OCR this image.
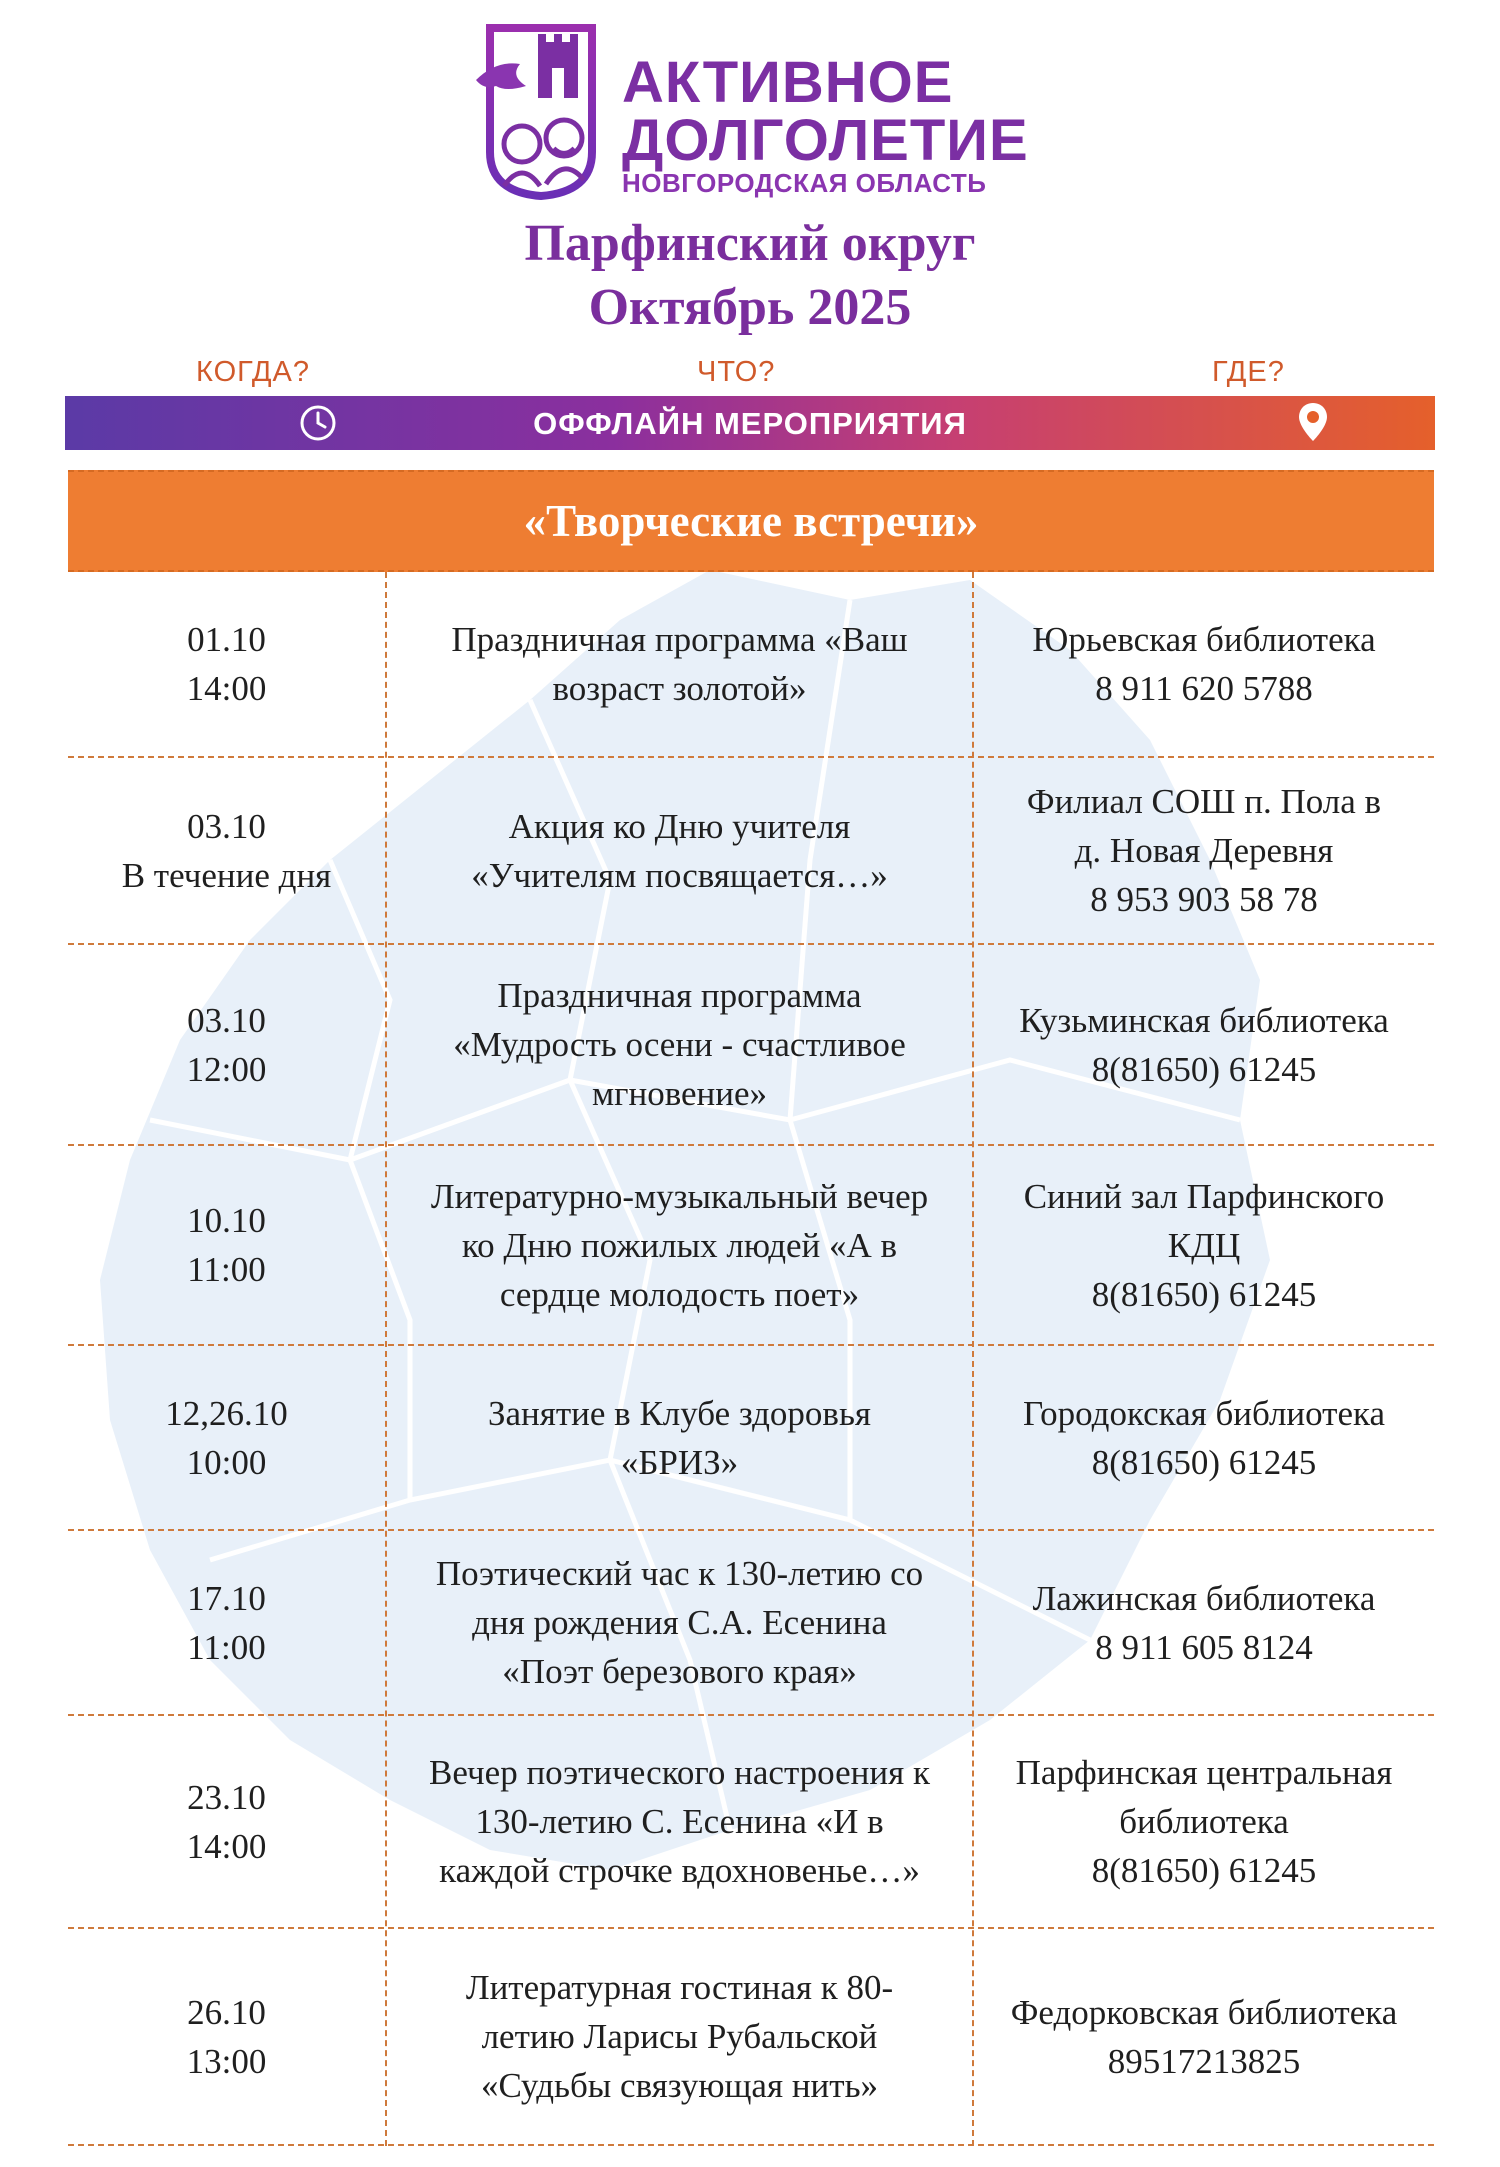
АКТИВНОЕ
ДОЛГОЛЕТИЕ
НОВГОРОДСКАЯ ОБЛАСТЬ
Парфинский округ
Октябрь 2025
КОГДА?	ЧТО?	ГДЕ?
ОФФЛАЙН МЕРОПРИЯТИЯ
«Творческие встречи»
01.10
14:00
Праздничная программа «Ваш
возраст золотой»
Юрьевская библиотека
8 911 620 5788
03.10
В течение дня
Акция ко Дню учителя
«Учителям посвящается…»
Филиал СОШ п. Пола в
д. Новая Деревня
8 953 903 58 78
03.10
12:00
Праздничная программа
«Мудрость осени - счастливое
мгновение»
Кузьминская библиотека
8(81650) 61245
10.10
11:00
Литературно-музыкальный вечер
ко Дню пожилых людей «А в
сердце молодость поет»
Синий зал Парфинского
КДЦ
8(81650) 61245
12,26.10
10:00
Занятие в Клубе здоровья
«БРИЗ»
Городокская библиотека
8(81650) 61245
17.10
11:00
Поэтический час к 130-летию со
дня рождения С.А. Есенина
«Поэт березового края»
Лажинская библиотека
8 911 605 8124
23.10
14:00
Вечер поэтического настроения к
130-летию С. Есенина «И в
каждой строчке вдохновенье…»
Парфинская центральная
библиотека
8(81650) 61245
26.10
13:00
Литературная гостиная к 80-
летию Ларисы Рубальской
«Судьбы связующая нить»
Федорковская библиотека
89517213825
